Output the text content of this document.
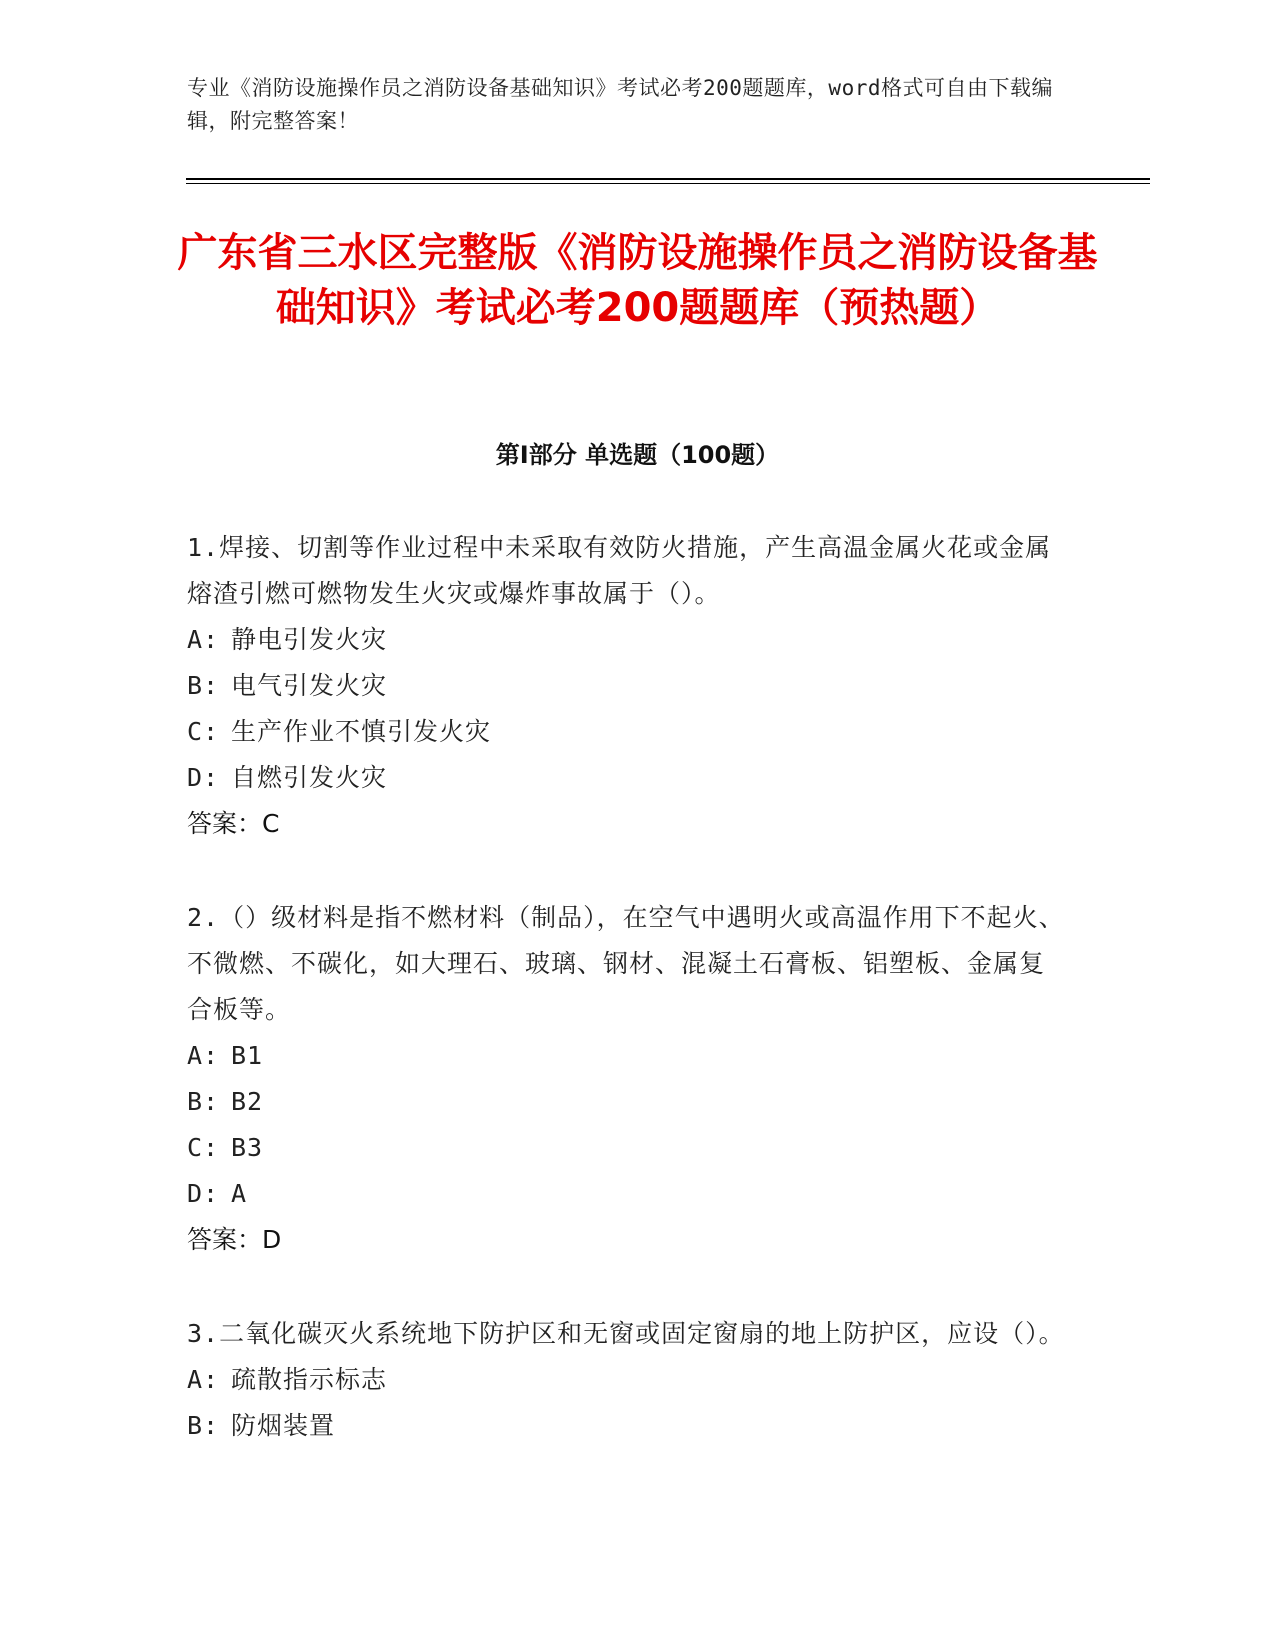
专业《消防设施操作员之消防设备基础知识》考试必考200题题库，word格式可自由下载编辑，附完整答案！
广东省三水区完整版《消防设施操作员之消防设备基础知识》考试必考200题题库（预热题）
第I部分 单选题（100题）
1.焊接、切割等作业过程中未采取有效防火措施，产生高温金属火花或金属熔渣引燃可燃物发生火灾或爆炸事故属于（）。
A: 静电引发火灾
B: 电气引发火灾
C: 生产作业不慎引发火灾
D: 自燃引发火灾
答案：C
2.（）级材料是指不燃材料（制品），在空气中遇明火或高温作用下不起火、不微燃、不碳化，如大理石、玻璃、钢材、混凝土石膏板、铝塑板、金属复合板等。
A: B1
B: B2
C: B3
D: A
答案：D
3.二氧化碳灭火系统地下防护区和无窗或固定窗扇的地上防护区，应设（）。
A: 疏散指示标志
B: 防烟装置
